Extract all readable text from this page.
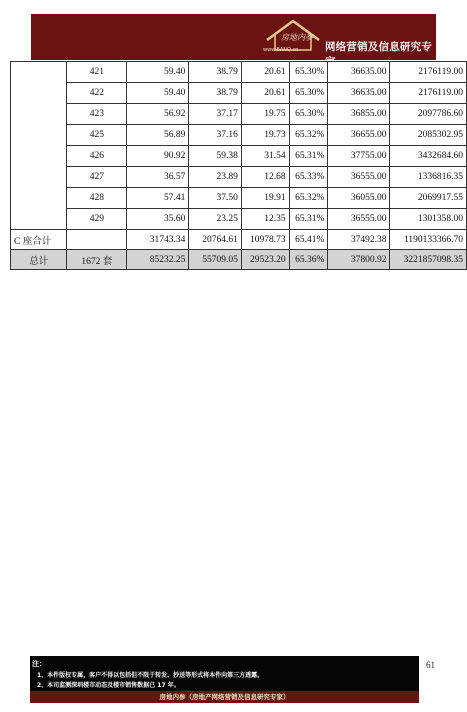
房地内参
www.BANQ.cn	网络营销及信息研究专家
	421	59.40	38.79	20.61	65.30%	36635.00	2176119.00
	422	59.40	38.79	20.61	65.30%	36635.00	2176119.00
	423	56.92	37.17	19.75	65.30%	36855.00	2097786.60
	425	56.89	37.16	19.73	65.32%	36655.00	2085302.95
	426	90.92	59.38	31.54	65.31%	37755.00	3432684.60
	427	36.57	23.89	12.68	65.33%	36555.00	1336816.35
	428	57.41	37.50	19.91	65.32%	36055.00	2069917.55
	429	35.60	23.25	12.35	65.31%	36555.00	1301358.00
C 座合计		31743.34	20764.61	10978.73	65.41%	37492.38	1190133366.70
总计	1672 套	85232.25	55709.05	29523.20	65.36%	37800.92	3221857098.35
注：
1、本件版权专属，客户不得以包括但不限于转发、抄送等形式将本件向第三方透露。
2、本司监测深圳楼市动态及楼市销售数据已 17 年。
61
房地内参（房地产网络营销及信息研究专家）
